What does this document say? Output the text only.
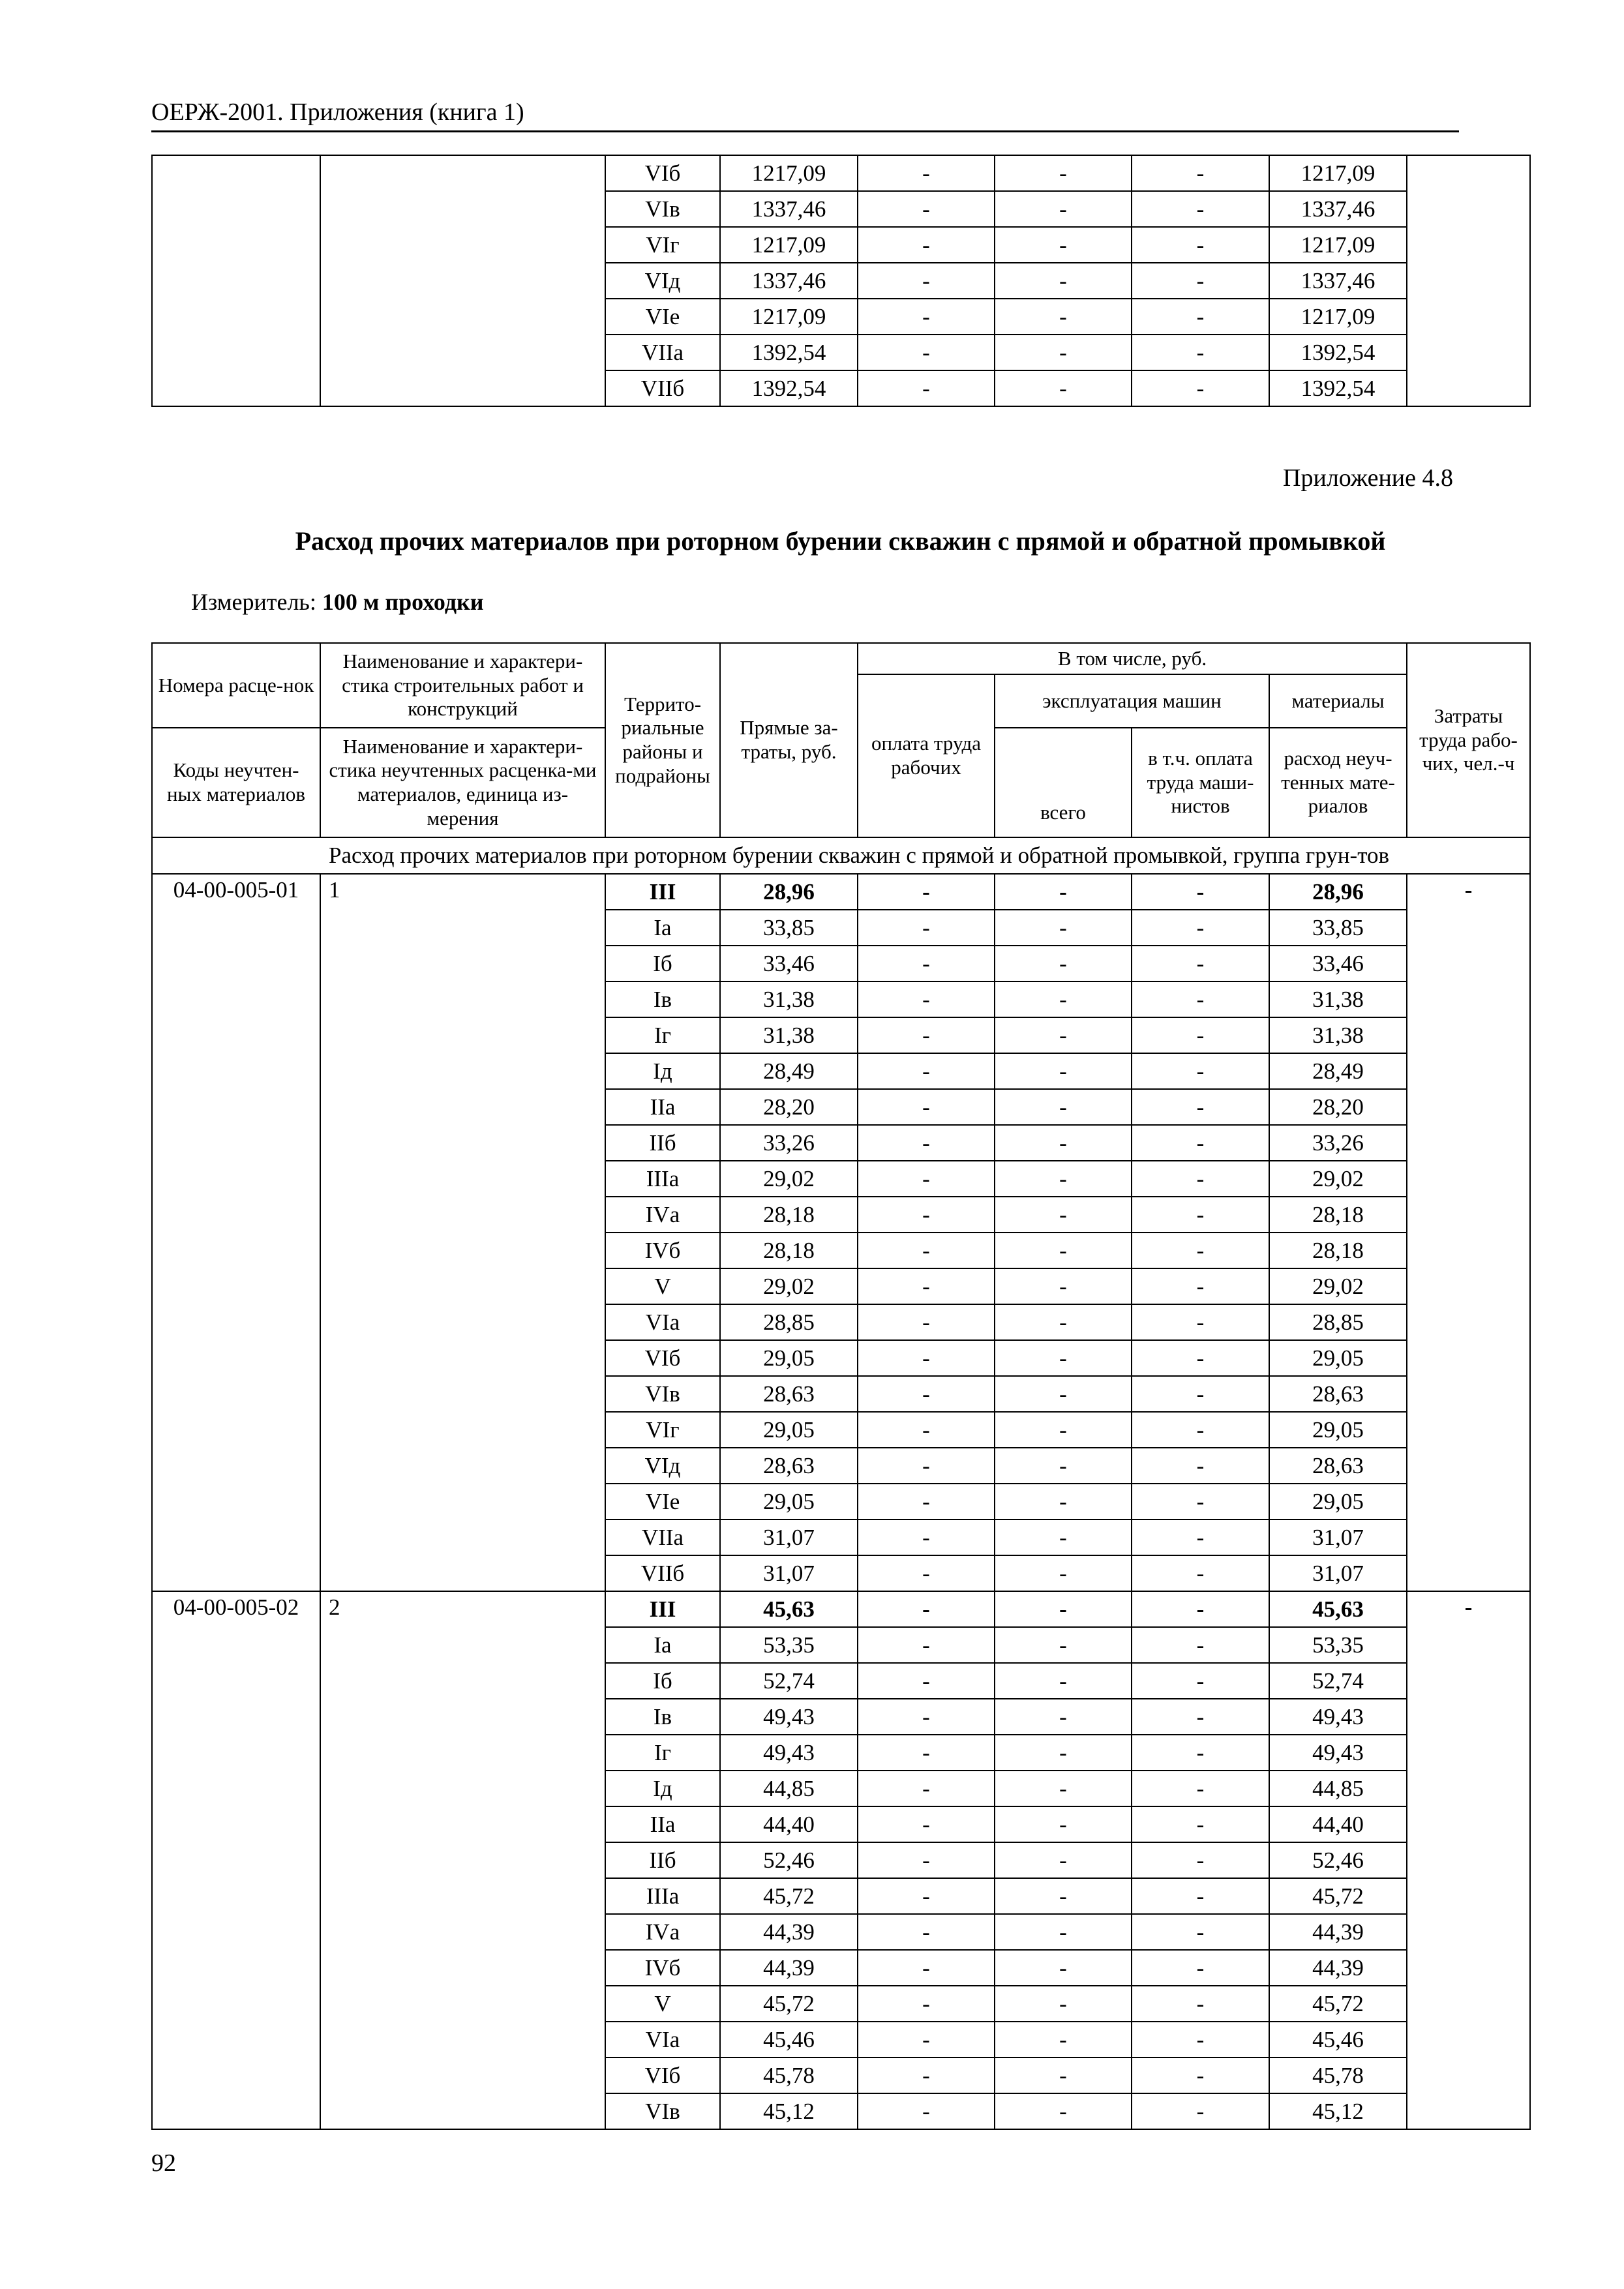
ОЕРЖ-2001. Приложения (книга 1)
		VIб	1217,09	-	-	-	1217,09	
		VIв	1337,46	-	-	-	1337,46	
		VIг	1217,09	-	-	-	1217,09	
		VIд	1337,46	-	-	-	1337,46	
		VIе	1217,09	-	-	-	1217,09	
		VIIа	1392,54	-	-	-	1392,54	
		VIIб	1392,54	-	-	-	1392,54	
Приложение 4.8
Расход прочих материалов при роторном бурении скважин с прямой и обратной промывкой
Измеритель: 100 м проходки
Номера расце-нок	Наименование и характери-стика строительных работ и конструкций	Террито-риальные районы и подрайоны	Прямые за-траты, руб.	В том числе, руб.				Затраты труда рабо-чих, чел.-ч
				оплата труда рабочих	эксплуатация машин		материалы	
Коды неучтен-ных материалов	Наименование и характери-стика неучтенных расценка-ми материалов, единица из-мерения				всего	в т.ч. оплата труда маши-нистов	расход неуч-тенных мате-риалов	

Расход прочих материалов при роторном бурении скважин с прямой и обратной промывкой, группа грун-тов								
04-00-005-01	1	III	28,96	-	-	-	28,96	-
		Iа	33,85	-	-	-	33,85	
		Iб	33,46	-	-	-	33,46	
		Iв	31,38	-	-	-	31,38	
		Iг	31,38	-	-	-	31,38	
		Iд	28,49	-	-	-	28,49	
		IIа	28,20	-	-	-	28,20	
		IIб	33,26	-	-	-	33,26	
		IIIа	29,02	-	-	-	29,02	
		IVа	28,18	-	-	-	28,18	
		IVб	28,18	-	-	-	28,18	
		V	29,02	-	-	-	29,02	
		VIа	28,85	-	-	-	28,85	
		VIб	29,05	-	-	-	29,05	
		VIв	28,63	-	-	-	28,63	
		VIг	29,05	-	-	-	29,05	
		VIд	28,63	-	-	-	28,63	
		VIе	29,05	-	-	-	29,05	
		VIIа	31,07	-	-	-	31,07	
		VIIб	31,07	-	-	-	31,07	
04-00-005-02	2	III	45,63	-	-	-	45,63	-
		Iа	53,35	-	-	-	53,35	
		Iб	52,74	-	-	-	52,74	
		Iв	49,43	-	-	-	49,43	
		Iг	49,43	-	-	-	49,43	
		Iд	44,85	-	-	-	44,85	
		IIа	44,40	-	-	-	44,40	
		IIб	52,46	-	-	-	52,46	
		IIIа	45,72	-	-	-	45,72	
		IVа	44,39	-	-	-	44,39	
		IVб	44,39	-	-	-	44,39	
		V	45,72	-	-	-	45,72	
		VIа	45,46	-	-	-	45,46	
		VIб	45,78	-	-	-	45,78	
		VIв	45,12	-	-	-	45,12	
92
